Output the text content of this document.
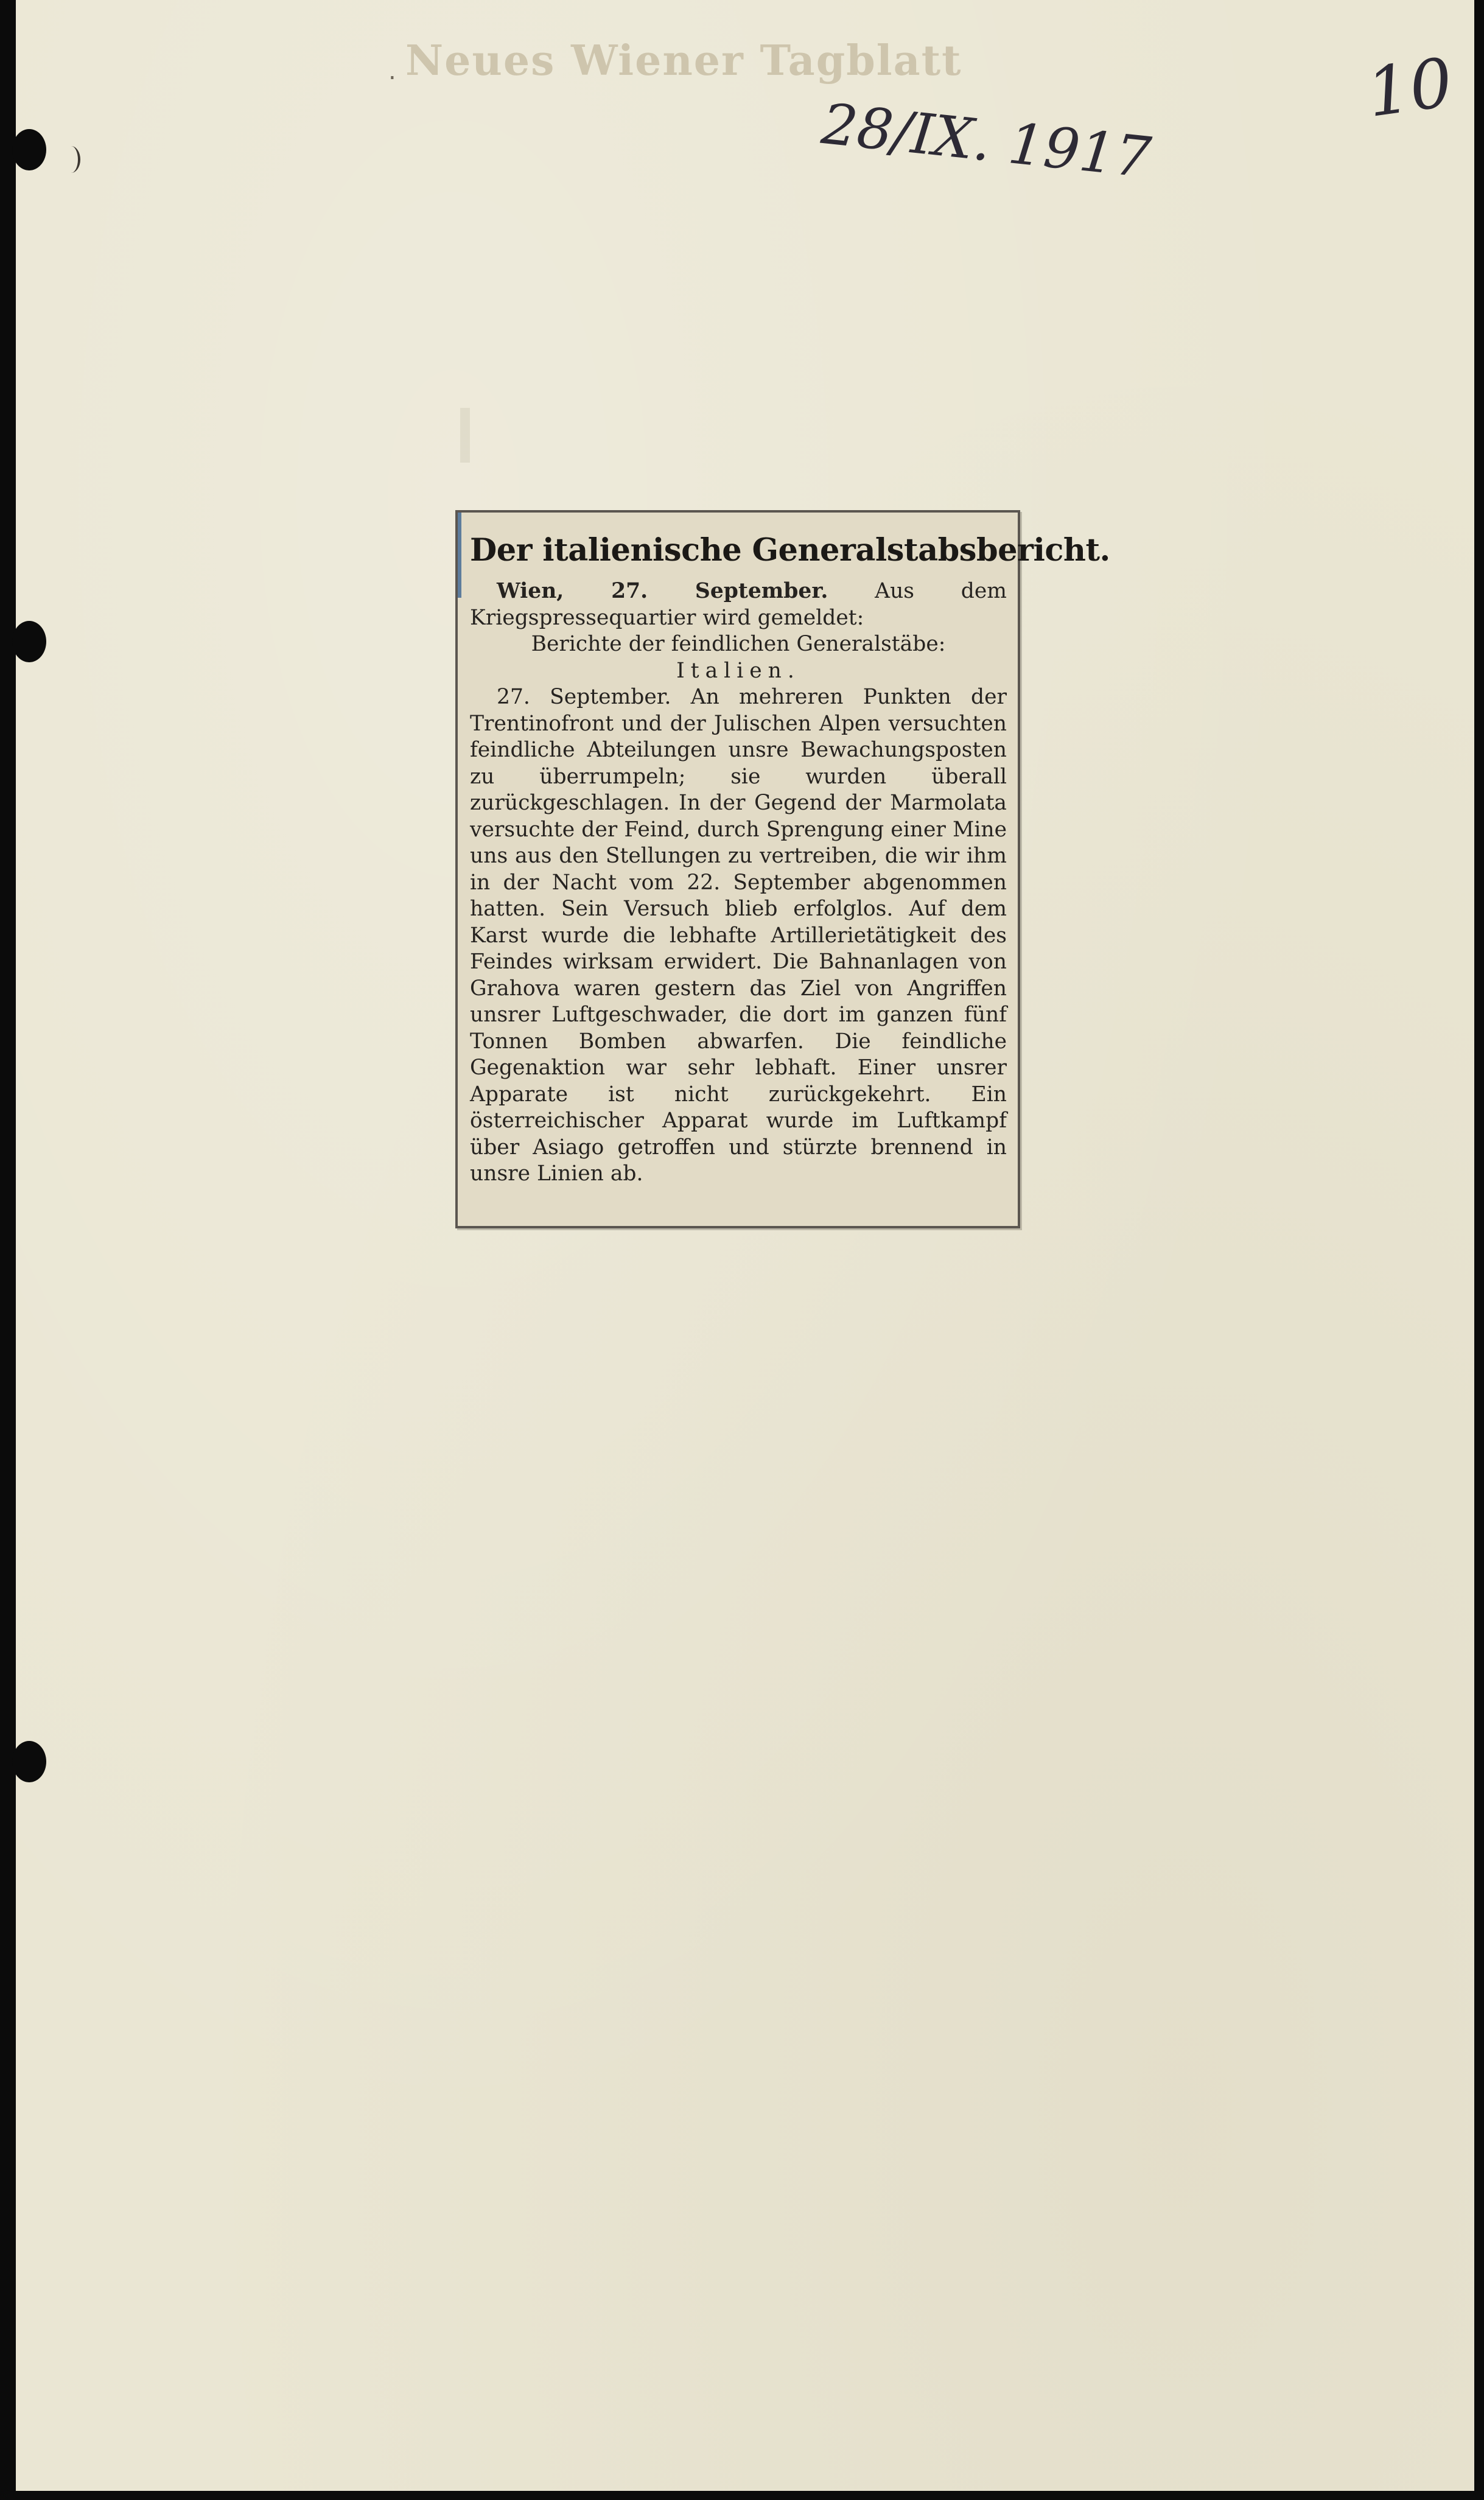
. Neues Wiener Tagblatt
28/IX. 1917
10
Der italienische Generalstabsbericht.

Wien, 27. September. Aus dem Kriegspressequartier wird gemeldet:

Berichte der feindlichen Generalstäbe:

Italien.

27. September. An mehreren Punkten der Trentinofront und der Julischen Alpen versuchten feindliche Abteilungen unsre Bewachungsposten zu überrumpeln; sie wurden überall zurückgeschlagen. In der Gegend der Marmolata versuchte der Feind, durch Sprengung einer Mine uns aus den Stellungen zu vertreiben, die wir ihm in der Nacht vom 22. September abgenommen hatten. Sein Versuch blieb erfolglos. Auf dem Karst wurde die lebhafte Artillerietätigkeit des Feindes wirksam erwidert. Die Bahnanlagen von Grahova waren gestern das Ziel von Angriffen unsrer Luftgeschwader, die dort im ganzen fünf Tonnen Bomben abwarfen. Die feindliche Gegenaktion war sehr lebhaft. Einer unsrer Apparate ist nicht zurückgekehrt. Ein österreichischer Apparat wurde im Luftkampf über Asiago getroffen und stürzte brennend in unsre Linien ab.
